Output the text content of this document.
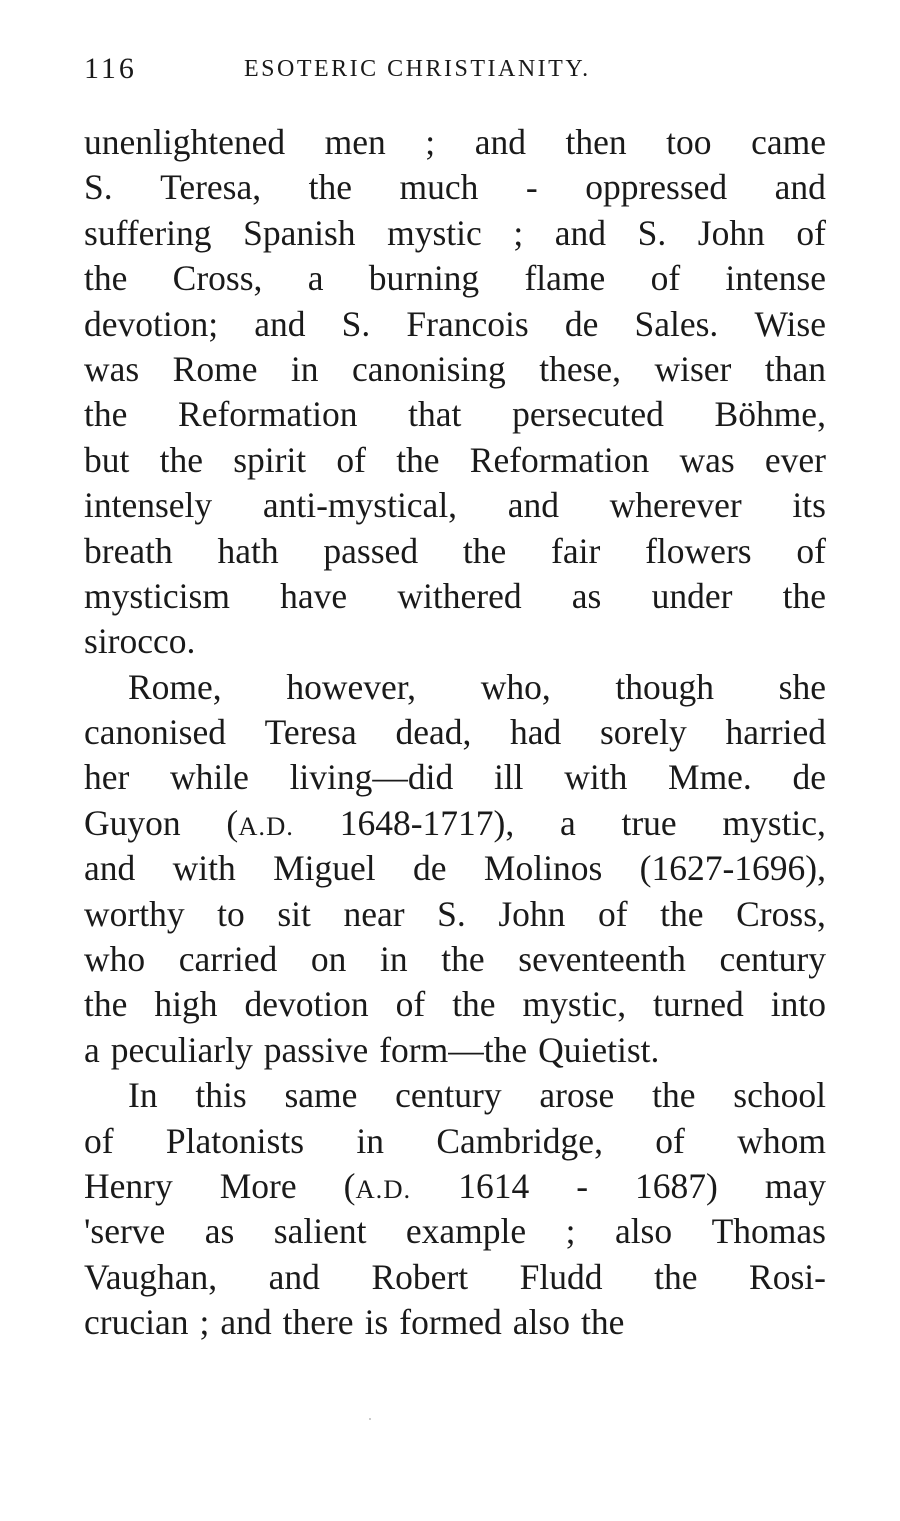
116	ESOTERIC CHRISTIANITY.
unenlightened men ; and then too came
S. Teresa, the much - oppressed and
suffering Spanish mystic ; and S. John of
the Cross, a burning flame of intense
devotion; and S. Francois de Sales. Wise
was Rome in canonising these, wiser than
the Reformation that persecuted Böhme,
but the spirit of the Reformation was ever
intensely anti-mystical, and wherever its
breath hath passed the fair flowers of
mysticism have withered as under the
sirocco.
Rome, however, who, though she
canonised Teresa dead, had sorely harried
her while living—did ill with Mme. de
Guyon (A.D. 1648-1717), a true mystic,
and with Miguel de Molinos (1627-1696),
worthy to sit near S. John of the Cross,
who carried on in the seventeenth century
the high devotion of the mystic, turned into
a peculiarly passive form—the Quietist.
In this same century arose the school
of Platonists in Cambridge, of whom
Henry More (A.D. 1614 - 1687) may
'serve as salient example ; also Thomas
Vaughan, and Robert Fludd the Rosi-
crucian ; and there is formed also the
